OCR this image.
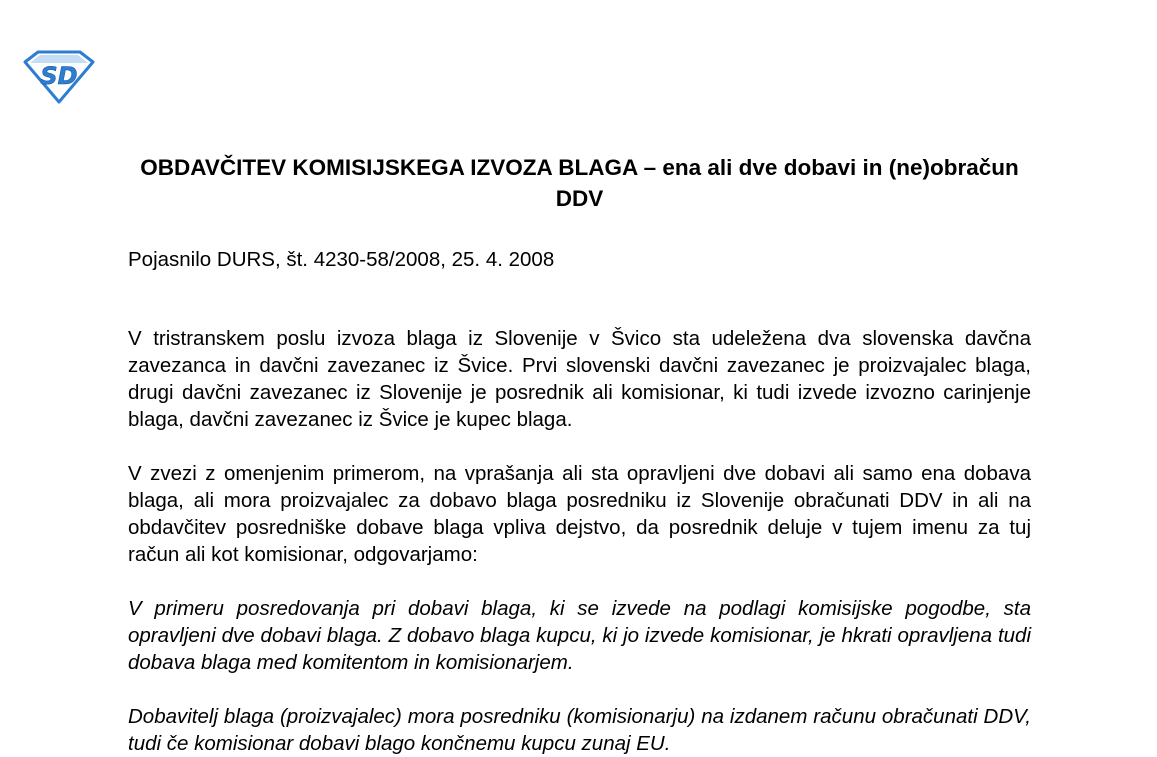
SD
OBDAVČITEV KOMISIJSKEGA IZVOZA BLAGA – ena ali dve dobavi in (ne)obračun DDV

Pojasnilo DURS, št. 4230-58/2008, 25. 4. 2008

V tristranskem poslu izvoza blaga iz Slovenije v Švico sta udeležena dva slovenska davčna zavezanca in davčni zavezanec iz Švice. Prvi slovenski davčni zavezanec je proizvajalec blaga, drugi davčni zavezanec iz Slovenije je posrednik ali komisionar, ki tudi izvede izvozno carinjenje blaga, davčni zavezanec iz Švice je kupec blaga.

V zvezi z omenjenim primerom, na vprašanja ali sta opravljeni dve dobavi ali samo ena dobava blaga, ali mora proizvajalec za dobavo blaga posredniku iz Slovenije obračunati DDV in ali na obdavčitev posredniške dobave blaga vpliva dejstvo, da posrednik deluje v tujem imenu za tuj račun ali kot komisionar, odgovarjamo:

V primeru posredovanja pri dobavi blaga, ki se izvede na podlagi komisijske pogodbe, sta opravljeni dve dobavi blaga. Z dobavo blaga kupcu, ki jo izvede komisionar, je hkrati opravljena tudi dobava blaga med komitentom in komisionarjem.

Dobavitelj blaga (proizvajalec) mora posredniku (komisionarju) na izdanem računu obračunati DDV, tudi če komisionar dobavi blago končnemu kupcu zunaj EU.
